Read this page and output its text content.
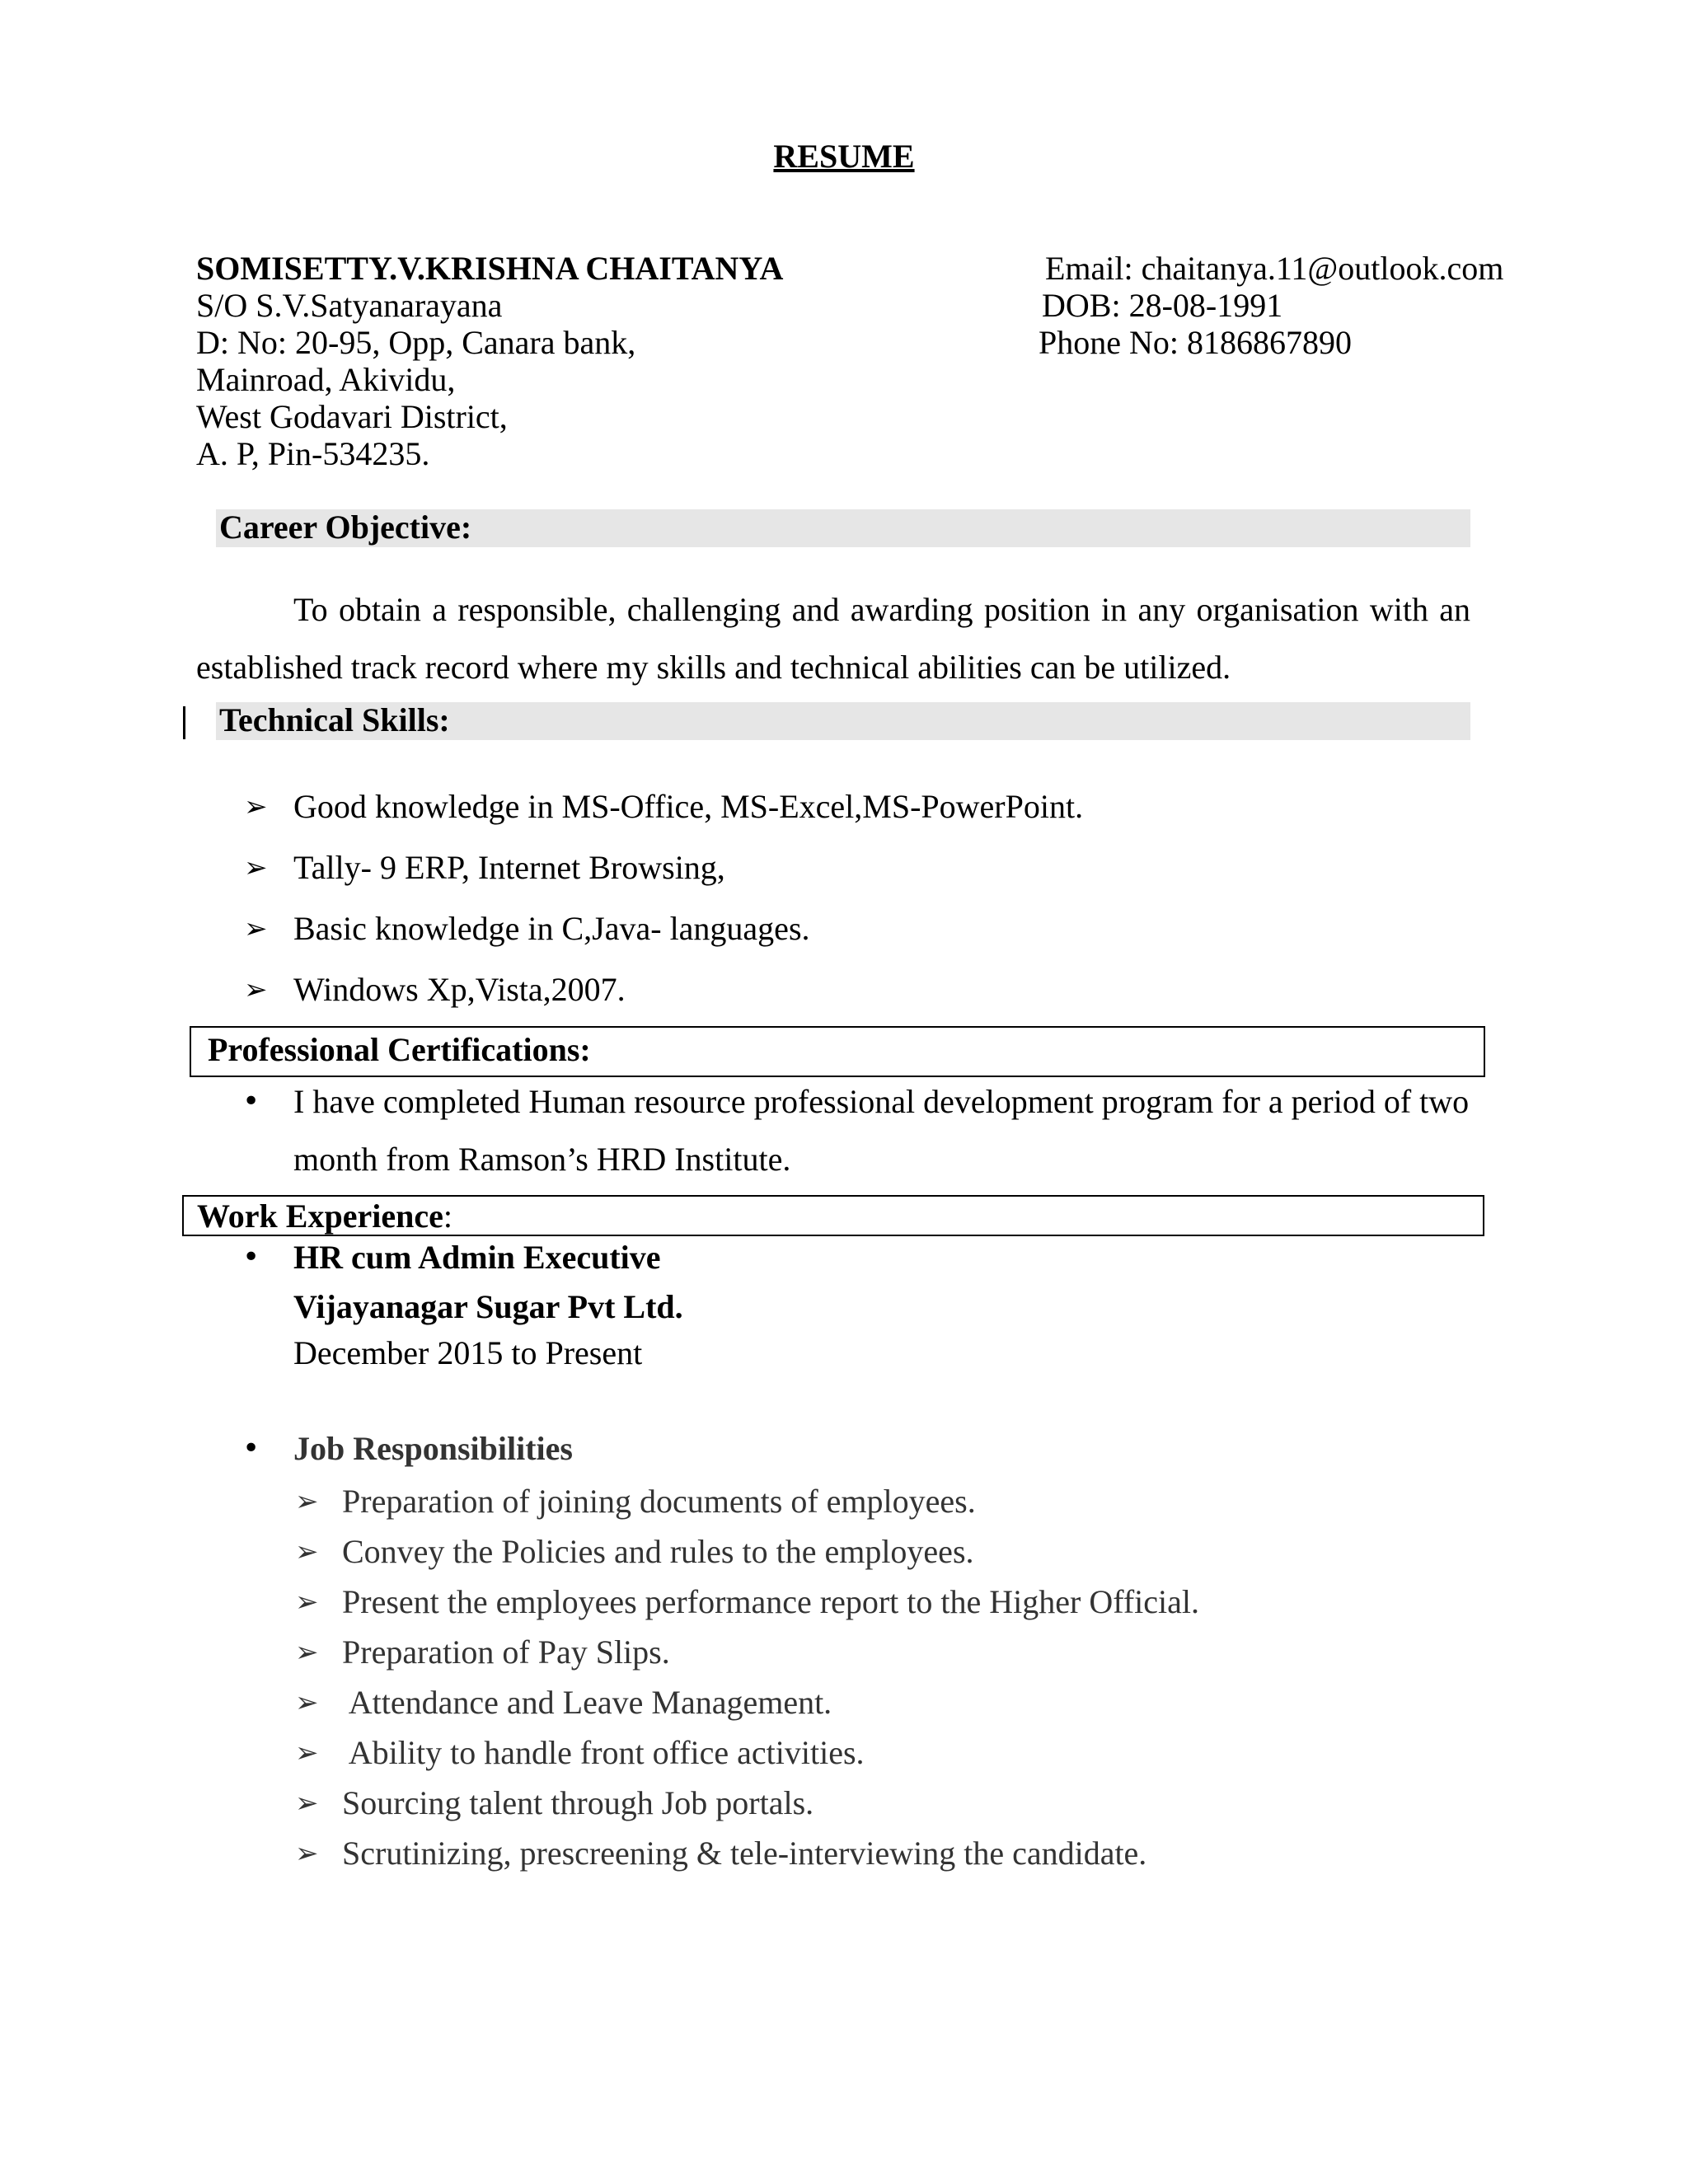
RESUME
SOMISETTY.V.KRISHNA CHAITANYA
S/O S.V.Satyanarayana
D: No: 20-95, Opp, Canara bank,
Mainroad, Akividu,
West Godavari District,
A. P, Pin-534235.
Email: chaitanya.11@outlook.com
DOB: 28-08-1991
Phone No: 8186867890
Career Objective:
To obtain a responsible, challenging and awarding position in any organisation with an
established track record where my skills and technical abilities can be utilized.
Technical Skills:
➢ Good knowledge in MS-Office, MS-Excel,MS-PowerPoint.
➢ Tally- 9 ERP, Internet Browsing,
➢ Basic knowledge in C,Java- languages.
➢ Windows Xp,Vista,2007.
Professional Certifications:
• I have completed Human resource professional development program for a period of two
month from Ramson’s HRD Institute.
Work Experience:
• HR cum Admin Executive
Vijayanagar Sugar Pvt Ltd.
December 2015 to Present
• Job Responsibilities
➢ Preparation of joining documents of employees.
➢ Convey the Policies and rules to the employees.
➢ Present the employees performance report to the Higher Official.
➢ Preparation of Pay Slips.
➢ Attendance and Leave Management.
➢ Ability to handle front office activities.
➢ Sourcing talent through Job portals.
➢ Scrutinizing, prescreening & tele-interviewing the candidate.
